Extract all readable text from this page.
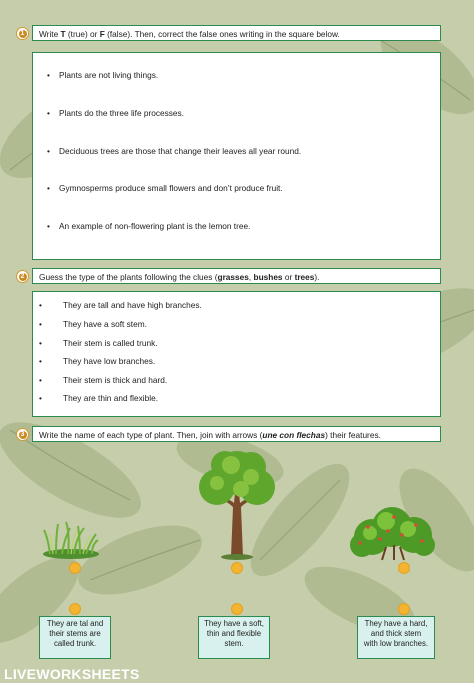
1	Write T (true) or F (false). Then, correct the false ones writing in the square below.
• Plants are not living things.
• Plants do the three life processes.
• Deciduous trees are those that change their leaves all year round.
• Gymnosperms produce small flowers and don’t produce fruit.
• An example of non-flowering plant is the lemon tree.
2	Guess the type of the plants following the clues (grasses, bushes or trees).
•	They are tall and have high branches.
•	They have a soft stem.
•	Their stem is called trunk.
•	They have low branches.
•	Their stem is thick and hard.
•	They are thin and flexible.
3	Write the name of each type of plant. Then, join with arrows (une con flechas) their features.
They are tal and
their stems are
called trunk.
They have a soft,
thin and flexible
stem.
They have a hard,
and thick stem
with low branches.
LIVEWORKSHEETS
